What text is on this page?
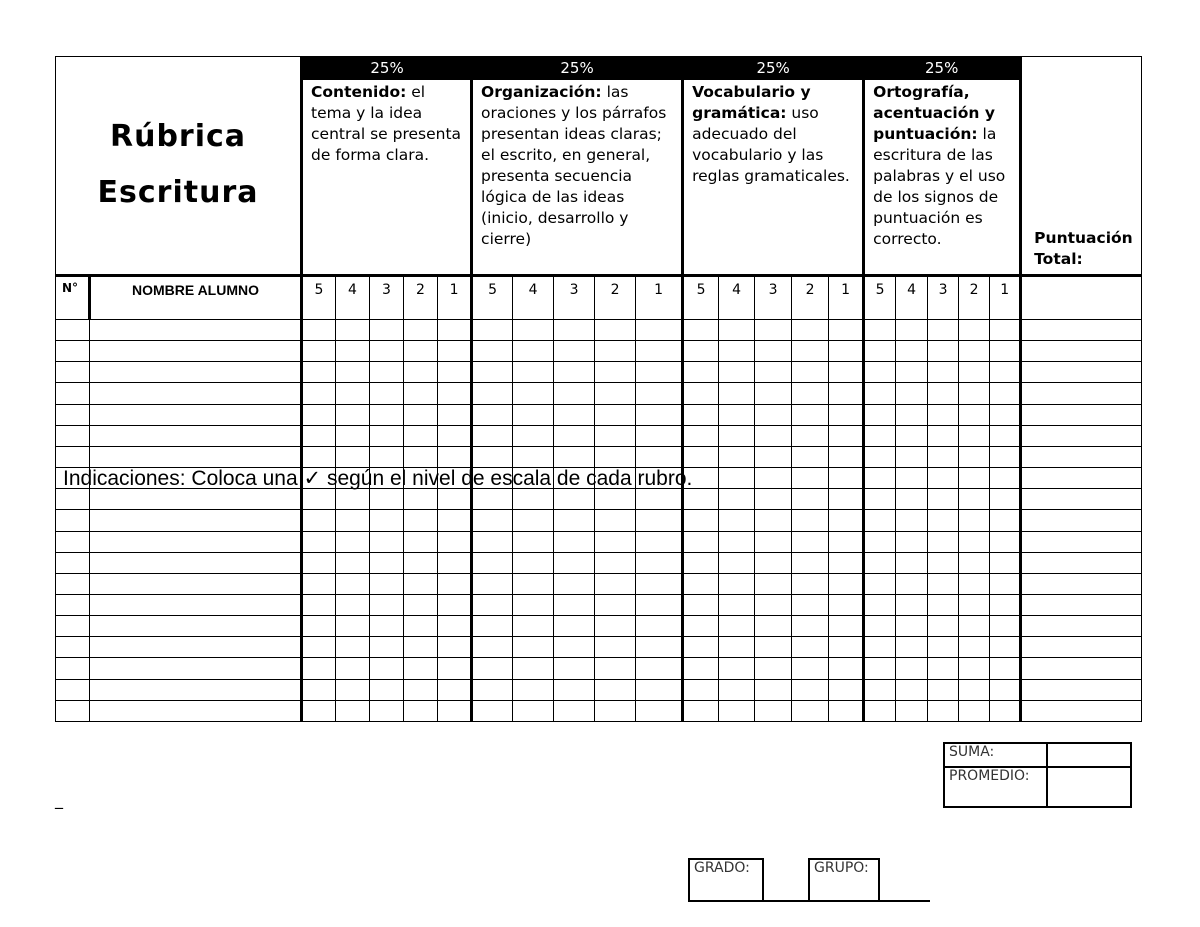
Rúbrica
Escritura		25%					25%					25%					25%					Puntuación Total:
		Contenido: el tema y la idea central se presenta de forma clara.					Organización: las oraciones y los párrafos presentan ideas claras; el escrito, en general, presenta secuencia lógica de las ideas (inicio, desarrollo y cierre)					Vocabulario y gramática: uso adecuado del vocabulario y las reglas gramaticales.					Ortografía, acentuación y puntuación: la escritura de las palabras y el uso de los signos de puntuación es correcto.					
N°	NOMBRE ALUMNO	5	4	3	2	1	5	4	3	2	1	5	4	3	2	1	5	4	3	2	1	

Indicaciones: Coloca una ✓ según el nivel de escala de cada rubro.
_
SUMA:	
PROMEDIO:	
GRADO:		GRUPO:
